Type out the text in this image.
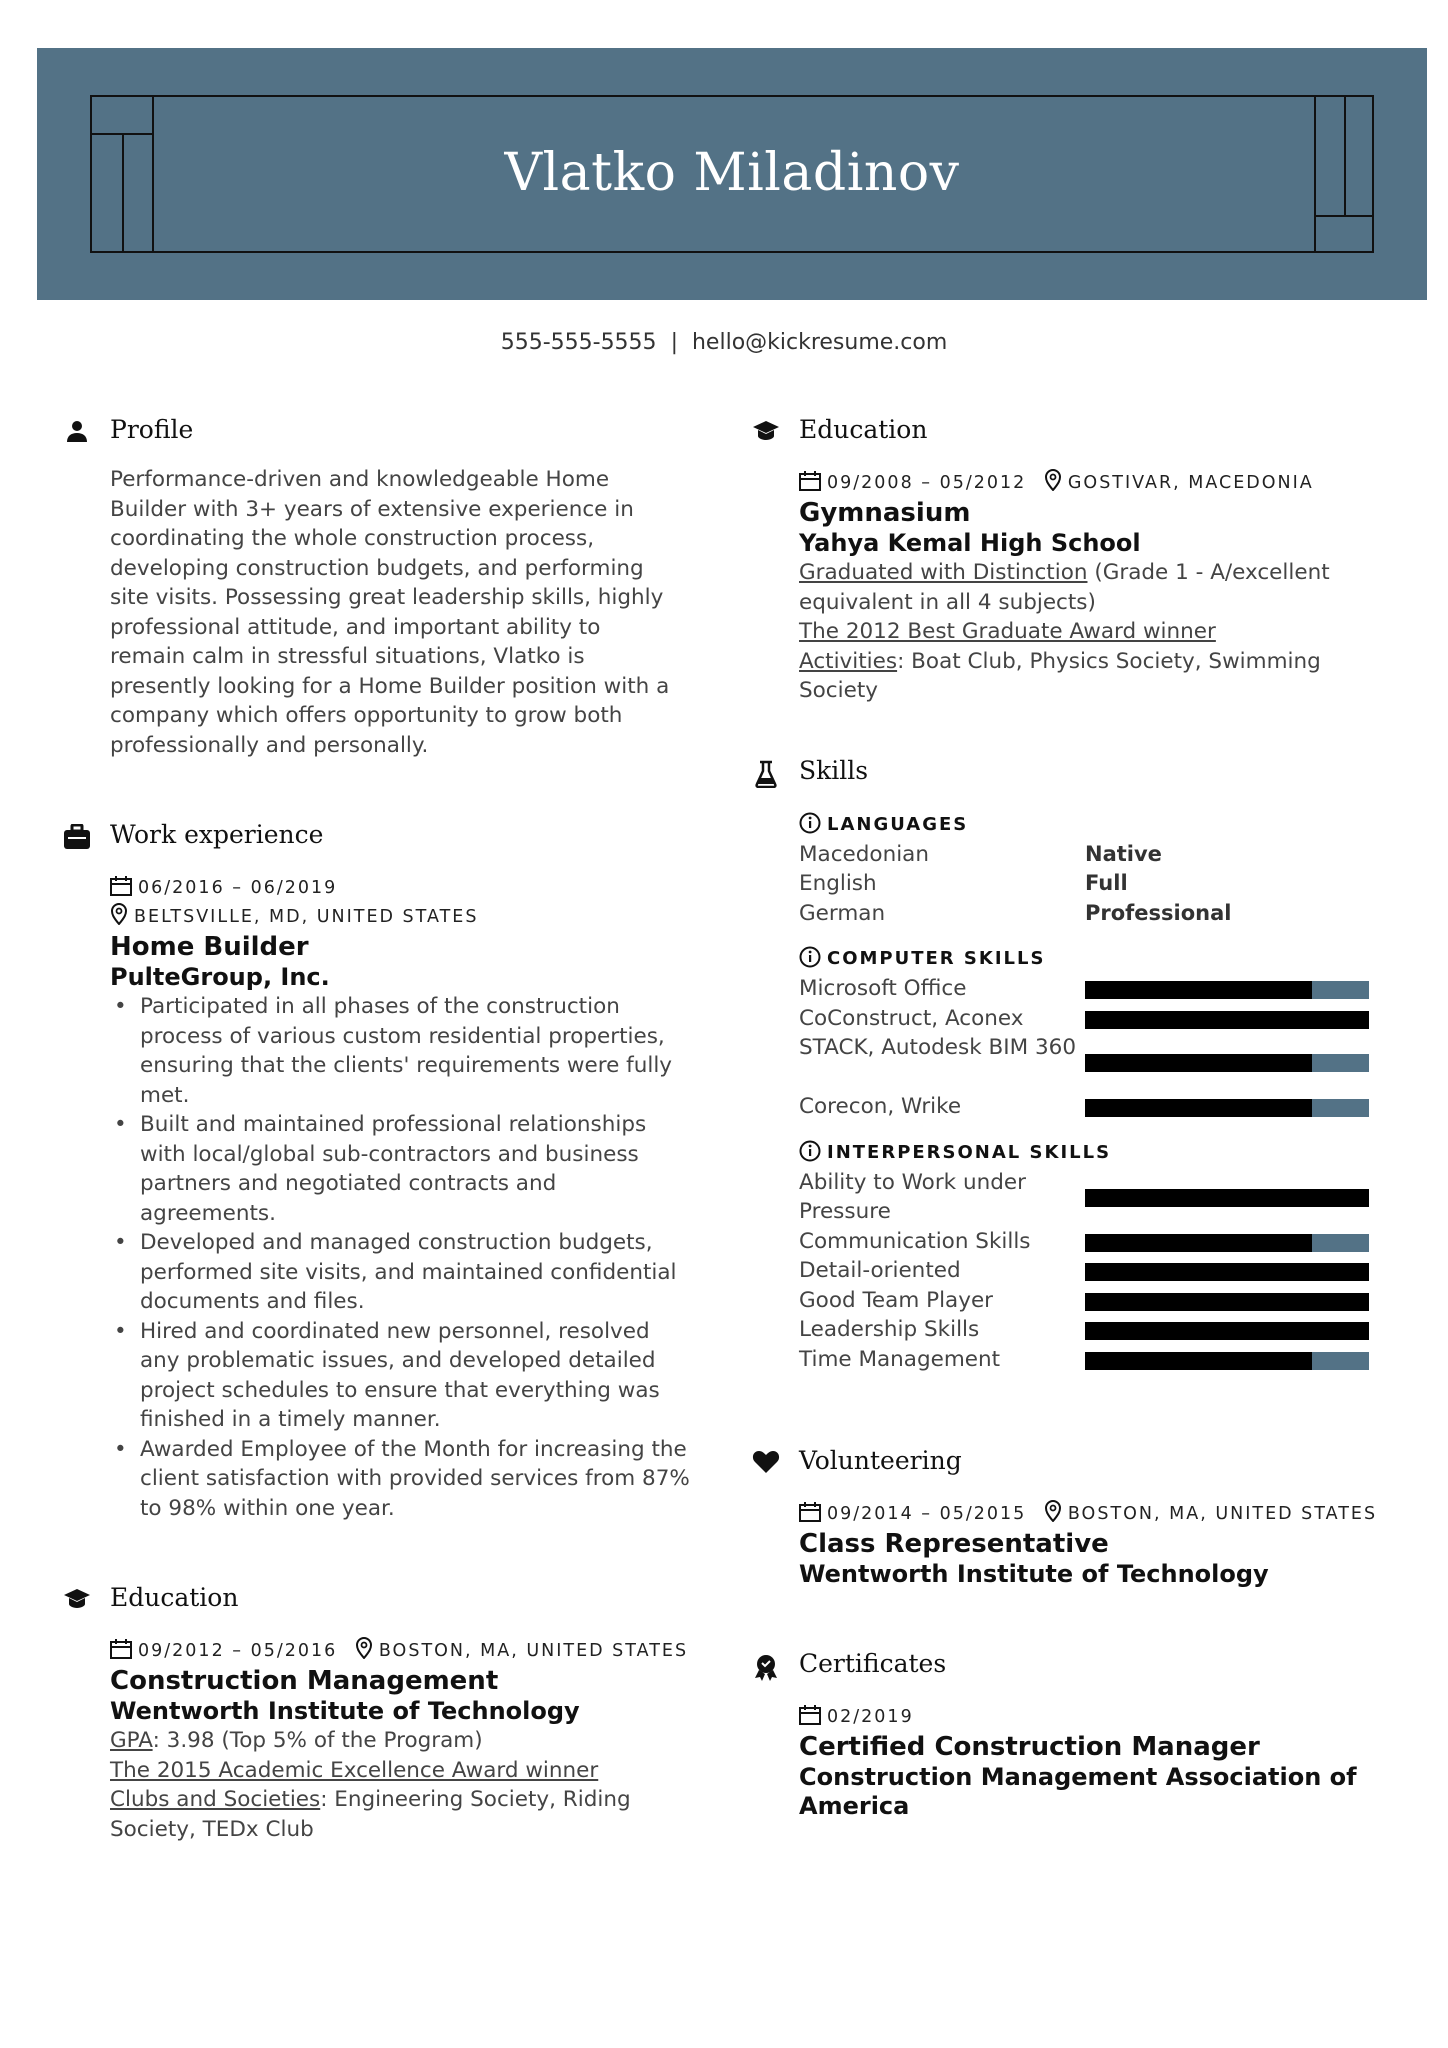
Vlatko Miladinov
555-555-5555 | hello@kickresume.com
Profile
Performance-driven and knowledgeable Home Builder with 3+ years of extensive experience in coordinating the whole construction process, developing construction budgets, and performing site visits. Possessing great leadership skills, highly professional attitude, and important ability to remain calm in stressful situations, Vlatko is presently looking for a Home Builder position with a company which offers opportunity to grow both professionally and personally.
Work experience
06/2016 – 06/2019
BELTSVILLE, MD, UNITED STATES
Home Builder
PulteGroup, Inc.
• Participated in all phases of the construction process of various custom residential properties, ensuring that the clients' requirements were fully met.
• Built and maintained professional relationships with local/global sub-contractors and business partners and negotiated contracts and agreements.
• Developed and managed construction budgets, performed site visits, and maintained confidential documents and files.
• Hired and coordinated new personnel, resolved any problematic issues, and developed detailed project schedules to ensure that everything was finished in a timely manner.
• Awarded Employee of the Month for increasing the client satisfaction with provided services from 87% to 98% within one year.
Education
09/2012 – 05/2016 BOSTON, MA, UNITED STATES
Construction Management
Wentworth Institute of Technology
GPA: 3.98 (Top 5% of the Program)
The 2015 Academic Excellence Award winner
Clubs and Societies: Engineering Society, Riding Society, TEDx Club
Education
09/2008 – 05/2012 GOSTIVAR, MACEDONIA
Gymnasium
Yahya Kemal High School
Graduated with Distinction (Grade 1 - A/excellent equivalent in all 4 subjects)
The 2012 Best Graduate Award winner
Activities: Boat Club, Physics Society, Swimming Society
Skills
LANGUAGES
Macedonian	Native
English	Full
German	Professional
COMPUTER SKILLS
Microsoft Office
CoConstruct, Aconex
STACK, Autodesk BIM 360
Corecon, Wrike
INTERPERSONAL SKILLS
Ability to Work under Pressure
Communication Skills
Detail-oriented
Good Team Player
Leadership Skills
Time Management
Volunteering
09/2014 – 05/2015 BOSTON, MA, UNITED STATES
Class Representative
Wentworth Institute of Technology
Certificates
02/2019
Certified Construction Manager
Construction Management Association of America
